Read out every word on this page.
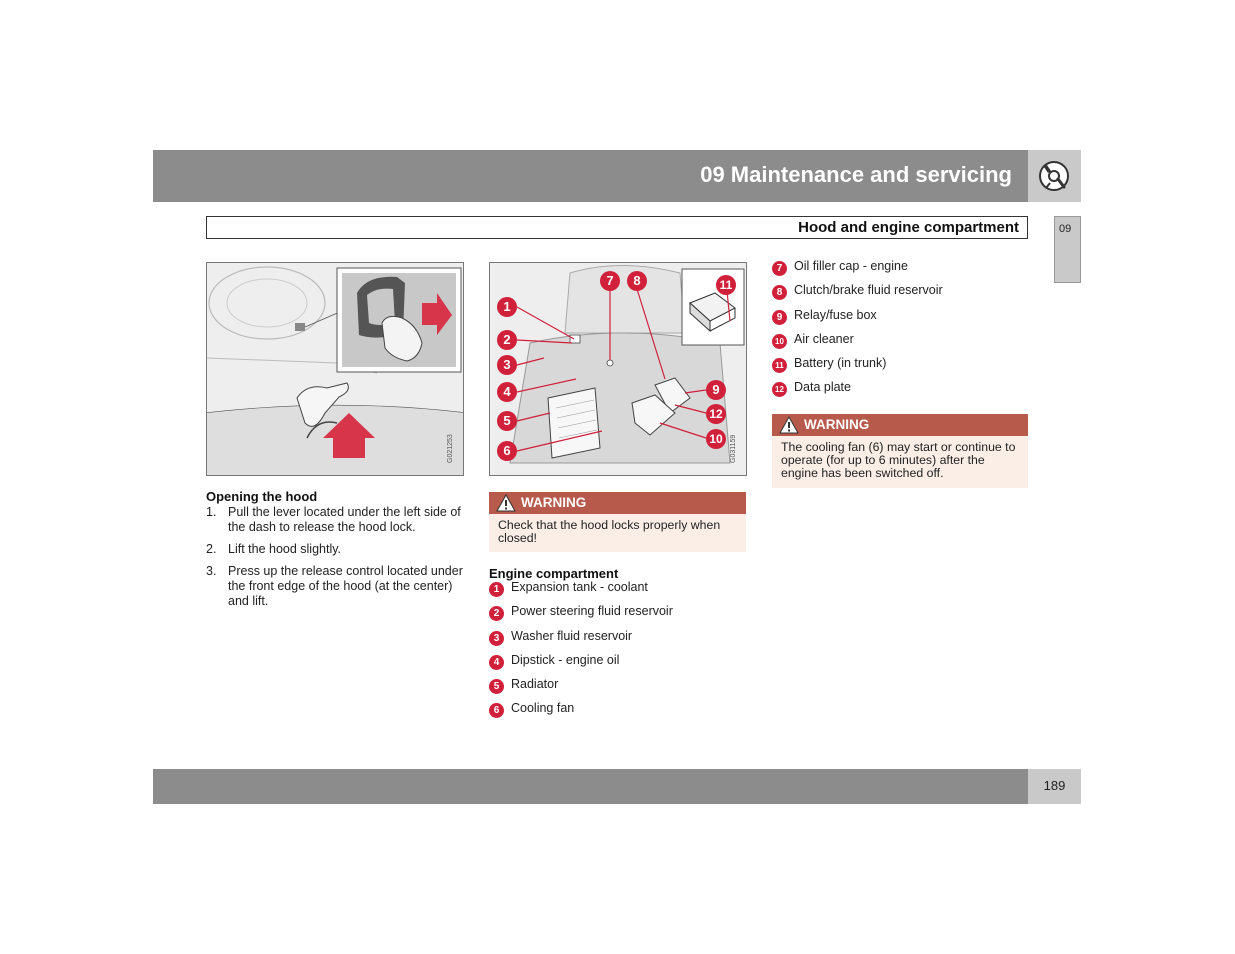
09 Maintenance and servicing
Hood and engine compartment	09
G021253	G031159
1
2
3
4
5
6
7	8
9
12
10
11
Opening the hood
1. Pull the lever located under the left side of the dash to release the hood lock.
2. Lift the hood slightly.
3. Press up the release control located under the front edge of the hood (at the center) and lift.
WARNING
Check that the hood locks properly when closed!
Engine compartment
1 Expansion tank - coolant
2 Power steering fluid reservoir
3 Washer fluid reservoir
4 Dipstick - engine oil
5 Radiator
6 Cooling fan
7 Oil filler cap - engine
8 Clutch/brake fluid reservoir
9 Relay/fuse box
10 Air cleaner
11 Battery (in trunk)
12 Data plate
WARNING
The cooling fan (6) may start or continue to operate (for up to 6 minutes) after the engine has been switched off.
189
